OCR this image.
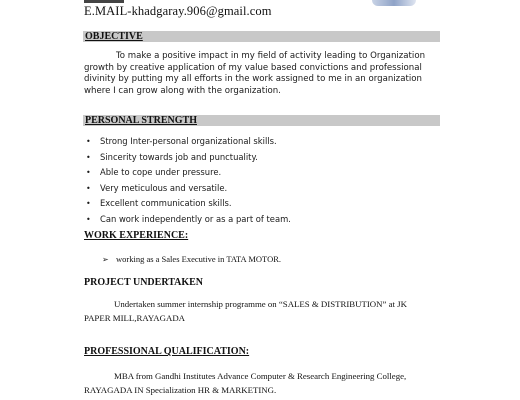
E.MAIL-khadgaray.906@gmail.com
OBJECTIVE
To make a positive impact in my field of activity leading to Organization growth by creative application of my value based convictions and professional divinity by putting my all efforts in the work assigned to me in an organization where I can grow along with the organization.
PERSONAL STRENGTH
• Strong Inter-personal organizational skills.
• Sincerity towards job and punctuality.
• Able to cope under pressure.
• Very meticulous and versatile.
• Excellent communication skills.
• Can work independently or as a part of team.
WORK EXPERIENCE:
➢ working as a Sales Executive in TATA MOTOR.
PROJECT UNDERTAKEN
Undertaken summer internship programme on “SALES & DISTRIBUTION” at JK PAPER MILL,RAYAGADA
PROFESSIONAL QUALIFICATION:
MBA from Gandhi Institutes Advance Computer & Research Engineering College, RAYAGADA IN Specialization HR & MARKETING.
